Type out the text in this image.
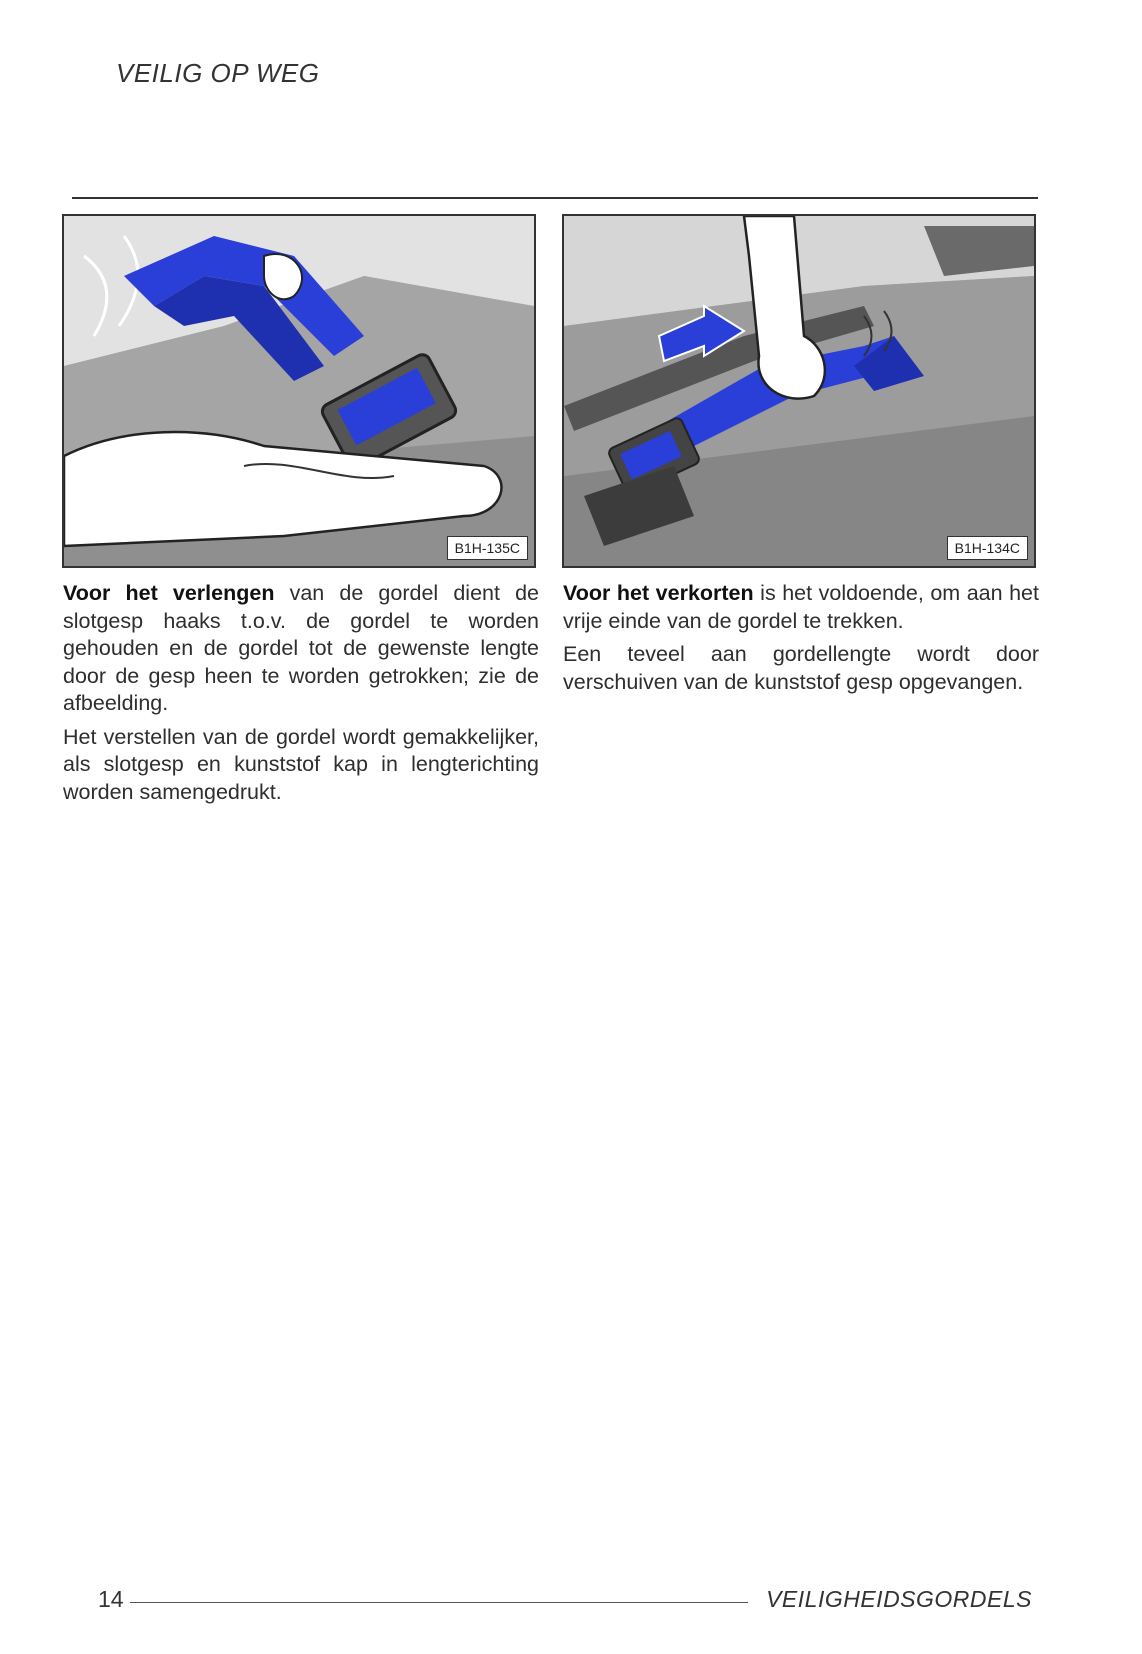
VEILIG OP WEG
B1H-135C	B1H-134C

Voor het verlengen van de gordel dient de slotgesp haaks t.o.v. de gordel te worden gehouden en de gordel tot de gewenste lengte door de gesp heen te worden getrokken; zie de afbeelding.

Het verstellen van de gordel wordt gemakkelijker, als slotgesp en kunststof kap in lengterichting worden samengedrukt.

Voor het verkorten is het voldoende, om aan het vrije einde van de gordel te trekken.

Een teveel aan gordellengte wordt door verschuiven van de kunststof gesp opgevangen.

14	VEILIGHEIDSGORDELS
